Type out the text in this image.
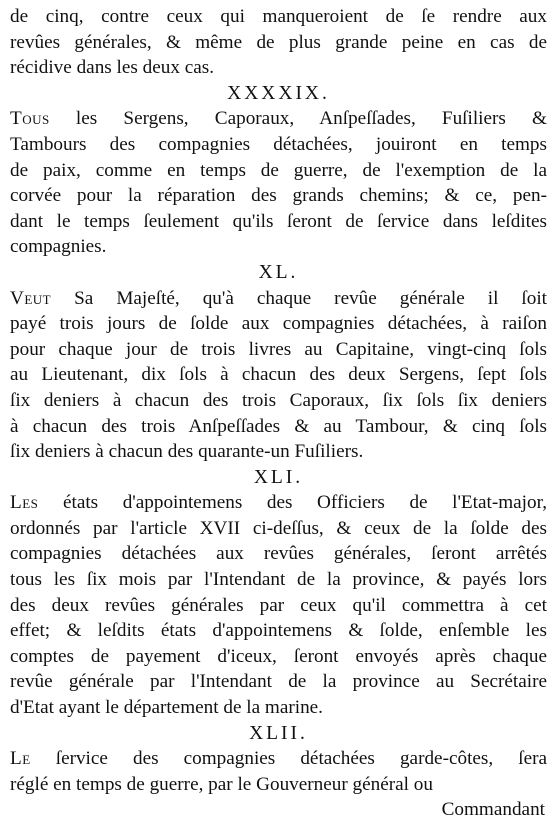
de cinq, contre ceux qui manqueroient de ſe rendre aux
revûes générales, & même de plus grande peine en cas de
récidive dans les deux cas.
XXXXIX.
Tous les Sergens, Caporaux, Anſpeſſades, Fuſiliers &
Tambours des compagnies détachées, jouiront en temps
de paix, comme en temps de guerre, de l'exemption de la
corvée pour la réparation des grands chemins; & ce, pen-
dant le temps ſeulement qu'ils ſeront de ſervice dans leſdites
compagnies.
XL.
Veut Sa Majeſté, qu'à chaque revûe générale il ſoit
payé trois jours de ſolde aux compagnies détachées, à raiſon
pour chaque jour de trois livres au Capitaine, vingt-cinq ſols
au Lieutenant, dix ſols à chacun des deux Sergens, ſept ſols
ſix deniers à chacun des trois Caporaux, ſix ſols ſix deniers
à chacun des trois Anſpeſſades & au Tambour, & cinq ſols
ſix deniers à chacun des quarante-un Fuſiliers.
XLI.
Les états d'appointemens des Officiers de l'Etat-major,
ordonnés par l'article XVII ci-deſſus, & ceux de la ſolde des
compagnies détachées aux revûes générales, ſeront arrêtés
tous les ſix mois par l'Intendant de la province, & payés lors
des deux revûes générales par ceux qu'il commettra à cet
effet; & leſdits états d'appointemens & ſolde, enſemble les
comptes de payement d'iceux, ſeront envoyés après chaque
revûe générale par l'Intendant de la province au Secrétaire
d'Etat ayant le département de la marine.
XLII.
Le ſervice des compagnies détachées garde-côtes, ſera
réglé en temps de guerre, par le Gouverneur général ou
Commandant
